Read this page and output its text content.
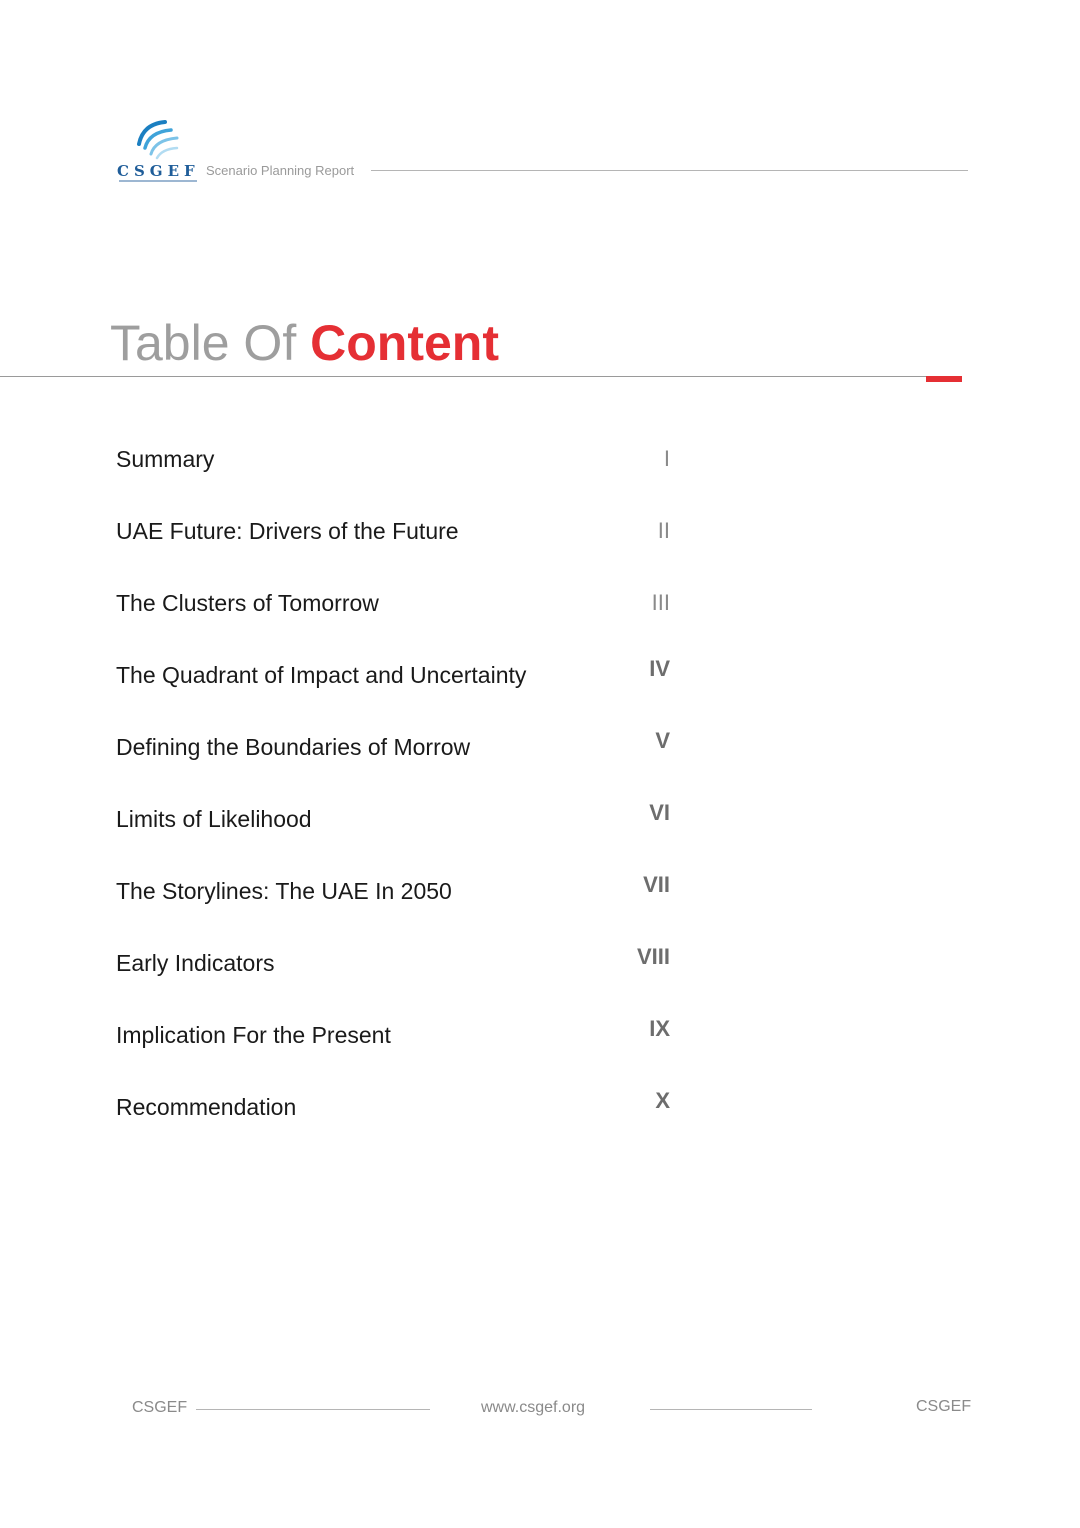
CSGEF Scenario Planning Report
Table Of Content
Summary	I
UAE Future: Drivers of the Future	II
The Clusters of Tomorrow	III
The Quadrant of Impact and Uncertainty	IV
Defining the Boundaries of Morrow	V
Limits of Likelihood	VI
The Storylines: The UAE In 2050	VII
Early Indicators	VIII
Implication For the Present	IX
Recommendation	X
CSGEF	www.csgef.org	CSGEF
